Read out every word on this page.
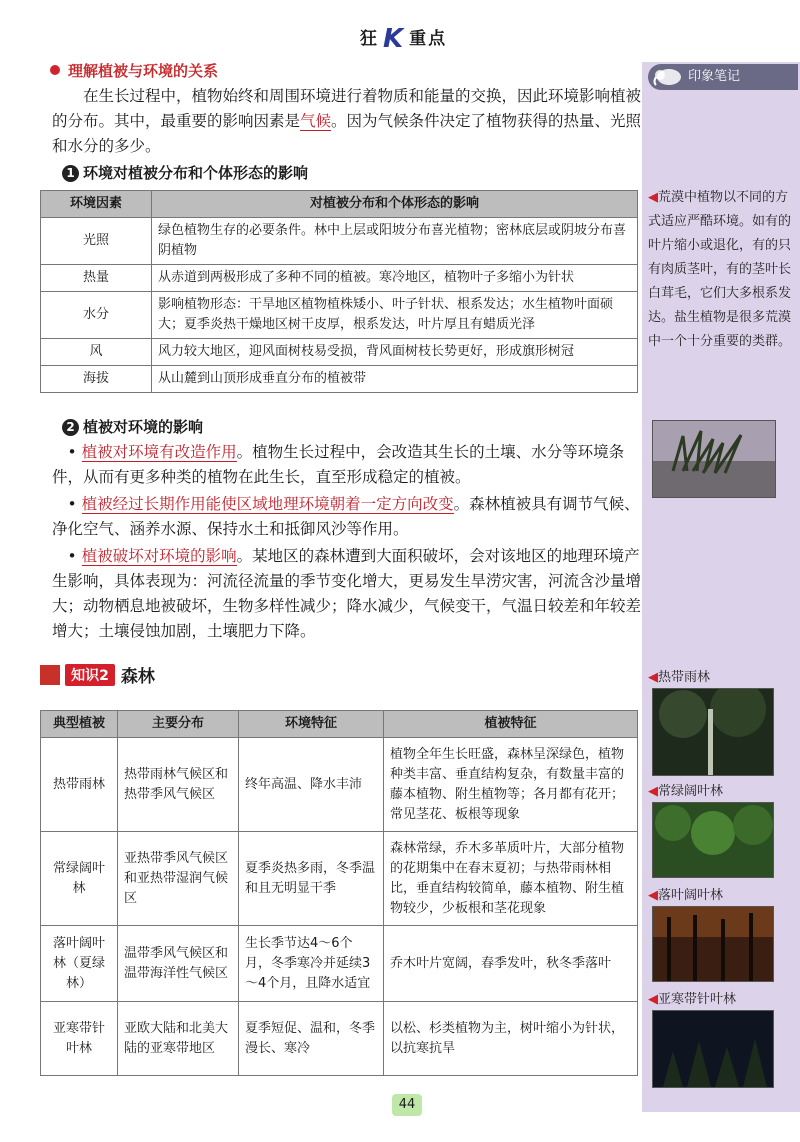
狂 K 重点
理解植被与环境的关系
在生长过程中，植物始终和周围环境进行着物质和能量的交换，因此环境影响植被的分布。其中，最重要的影响因素是气候。因为气候条件决定了植物获得的热量、光照和水分的多少。
1 环境对植被分布和个体形态的影响
环境因素	对植被分布和个体形态的影响
光照	绿色植物生存的必要条件。林中上层或阳坡分布喜光植物；密林底层或阴坡分布喜阴植物
热量	从赤道到两极形成了多种不同的植被。寒冷地区，植物叶子多缩小为针状
水分	影响植物形态：干旱地区植物植株矮小、叶子针状、根系发达；水生植物叶面硕大；夏季炎热干燥地区树干皮厚，根系发达，叶片厚且有蜡质光泽
风	风力较大地区，迎风面树枝易受损，背风面树枝长势更好，形成旗形树冠
海拔	从山麓到山顶形成垂直分布的植被带
2 植被对环境的影响
• 植被对环境有改造作用。植物生长过程中，会改造其生长的土壤、水分等环境条件，从而有更多种类的植物在此生长，直至形成稳定的植被。
• 植被经过长期作用能使区域地理环境朝着一定方向改变。森林植被具有调节气候、净化空气、涵养水源、保持水土和抵御风沙等作用。
• 植被破坏对环境的影响。某地区的森林遭到大面积破坏，会对该地区的地理环境产生影响，具体表现为：河流径流量的季节变化增大，更易发生旱涝灾害，河流含沙量增大；动物栖息地被破坏，生物多样性减少；降水减少，气候变干，气温日较差和年较差增大；土壤侵蚀加剧，土壤肥力下降。
知识2 森林
典型植被	主要分布	环境特征	植被特征
热带雨林	热带雨林气候区和热带季风气候区	终年高温、降水丰沛	植物全年生长旺盛，森林呈深绿色，植物种类丰富、垂直结构复杂，有数量丰富的藤本植物、附生植物等；各月都有花开；常见茎花、板根等现象
常绿阔叶林	亚热带季风气候区和亚热带湿润气候区	夏季炎热多雨，冬季温和且无明显干季	森林常绿，乔木多革质叶片，大部分植物的花期集中在春末夏初；与热带雨林相比，垂直结构较简单，藤本植物、附生植物较少，少板根和茎花现象
落叶阔叶林（夏绿林）	温带季风气候区和温带海洋性气候区	生长季节达4～6个月，冬季寒冷并延续3～4个月，且降水适宜	乔木叶片宽阔，春季发叶，秋冬季落叶
亚寒带针叶林	亚欧大陆和北美大陆的亚寒带地区	夏季短促、温和，冬季漫长、寒冷	以松、杉类植物为主，树叶缩小为针状，以抗寒抗旱
印象笔记
◀荒漠中植物以不同的方式适应严酷环境。如有的叶片缩小或退化，有的只有肉质茎叶，有的茎叶长白茸毛，它们大多根系发达。盐生植物是很多荒漠中一个十分重要的类群。
◀热带雨林
◀常绿阔叶林
◀落叶阔叶林
◀亚寒带针叶林
44
